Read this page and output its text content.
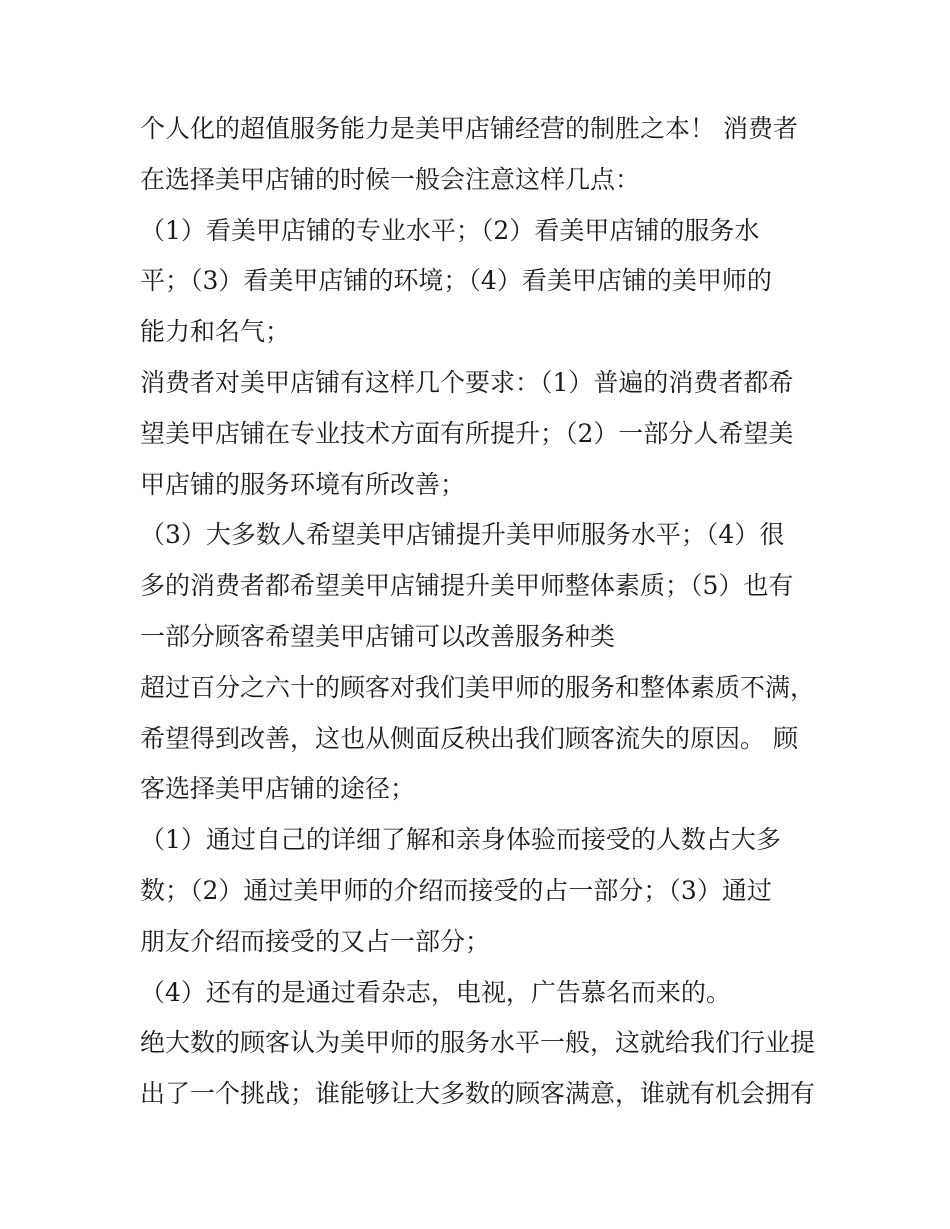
个人化的超值服务能力是美甲店铺经营的制胜之本！ 消费者
在选择美甲店铺的时候一般会注意这样几点：
（1）看美甲店铺的专业水平；（2）看美甲店铺的服务水
平；（3）看美甲店铺的环境；（4）看美甲店铺的美甲师的
能力和名气；
消费者对美甲店铺有这样几个要求：（1）普遍的消费者都希
望美甲店铺在专业技术方面有所提升；（2）一部分人希望美
甲店铺的服务环境有所改善；
（3）大多数人希望美甲店铺提升美甲师服务水平；（4）很
多的消费者都希望美甲店铺提升美甲师整体素质；（5）也有
一部分顾客希望美甲店铺可以改善服务种类
超过百分之六十的顾客对我们美甲师的服务和整体素质不满，
希望得到改善，这也从侧面反秧出我们顾客流失的原因。 顾
客选择美甲店铺的途径；
（1）通过自己的详细了解和亲身体验而接受的人数占大多
数；（2）通过美甲师的介绍而接受的占一部分；（3）通过
朋友介绍而接受的又占一部分；
（4）还有的是通过看杂志，电视，广告慕名而来的。
绝大数的顾客认为美甲师的服务水平一般，这就给我们行业提
出了一个挑战；谁能够让大多数的顾客满意，谁就有机会拥有
